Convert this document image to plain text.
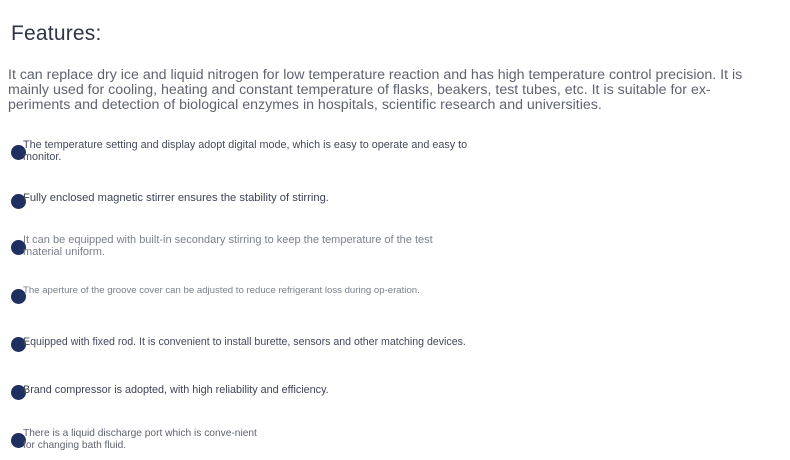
Features:
It can replace dry ice and liquid nitrogen for low temperature reaction and has high temperature control precision. It is mainly used for cooling, heating and constant temperature of flasks, beakers, test tubes, etc. It is suitable for ex-periments and detection of biological enzymes in hospitals, scientific research and universities.
The temperature setting and display adopt digital mode, which is easy to operate and easy to monitor.
Fully enclosed magnetic stirrer ensures the stability of stirring.
It can be equipped with built-in secondary stirring to keep the temperature of the test material uniform.
The aperture of the groove cover can be adjusted to reduce refrigerant loss during op-eration.
Equipped with fixed rod. It is convenient to install burette, sensors and other matching devices.
Brand compressor is adopted, with high reliability and efficiency.
There is a liquid discharge port which is conve-nient for changing bath fluid.
